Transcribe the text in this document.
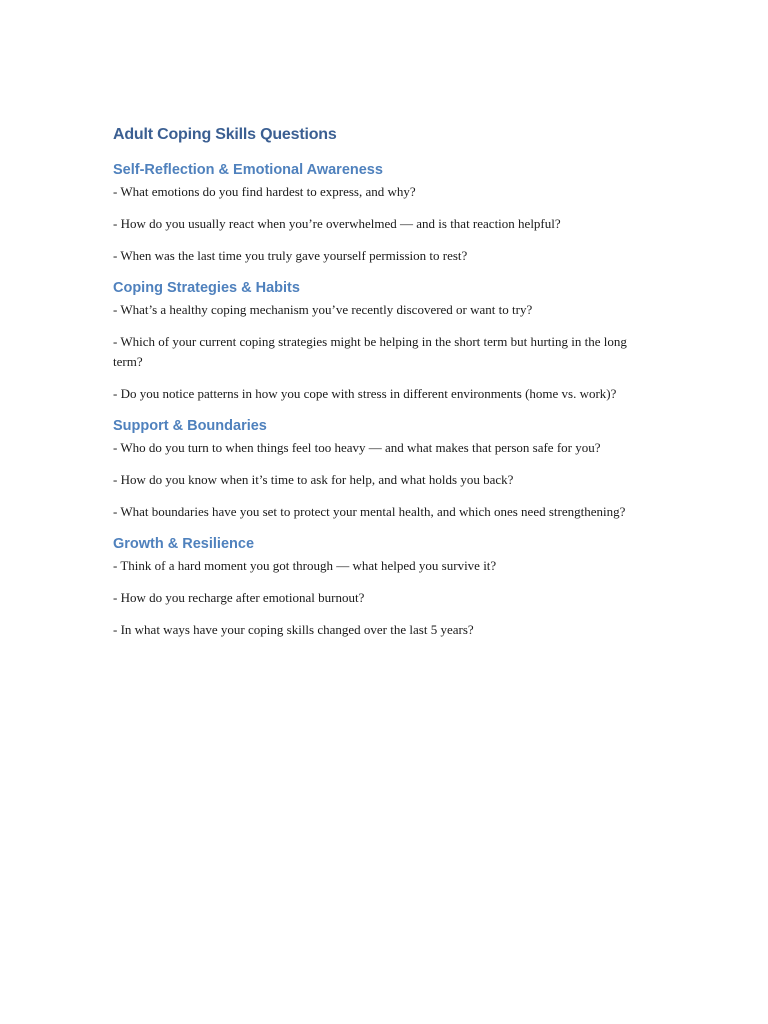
Adult Coping Skills Questions
Self-Reflection & Emotional Awareness

- What emotions do you find hardest to express, and why?

- How do you usually react when you’re overwhelmed — and is that reaction helpful?

- When was the last time you truly gave yourself permission to rest?

Coping Strategies & Habits

- What’s a healthy coping mechanism you’ve recently discovered or want to try?

- Which of your current coping strategies might be helping in the short term but hurting in the long term?

- Do you notice patterns in how you cope with stress in different environments (home vs. work)?

Support & Boundaries

- Who do you turn to when things feel too heavy — and what makes that person safe for you?

- How do you know when it’s time to ask for help, and what holds you back?

- What boundaries have you set to protect your mental health, and which ones need strengthening?

Growth & Resilience

- Think of a hard moment you got through — what helped you survive it?

- How do you recharge after emotional burnout?

- In what ways have your coping skills changed over the last 5 years?
